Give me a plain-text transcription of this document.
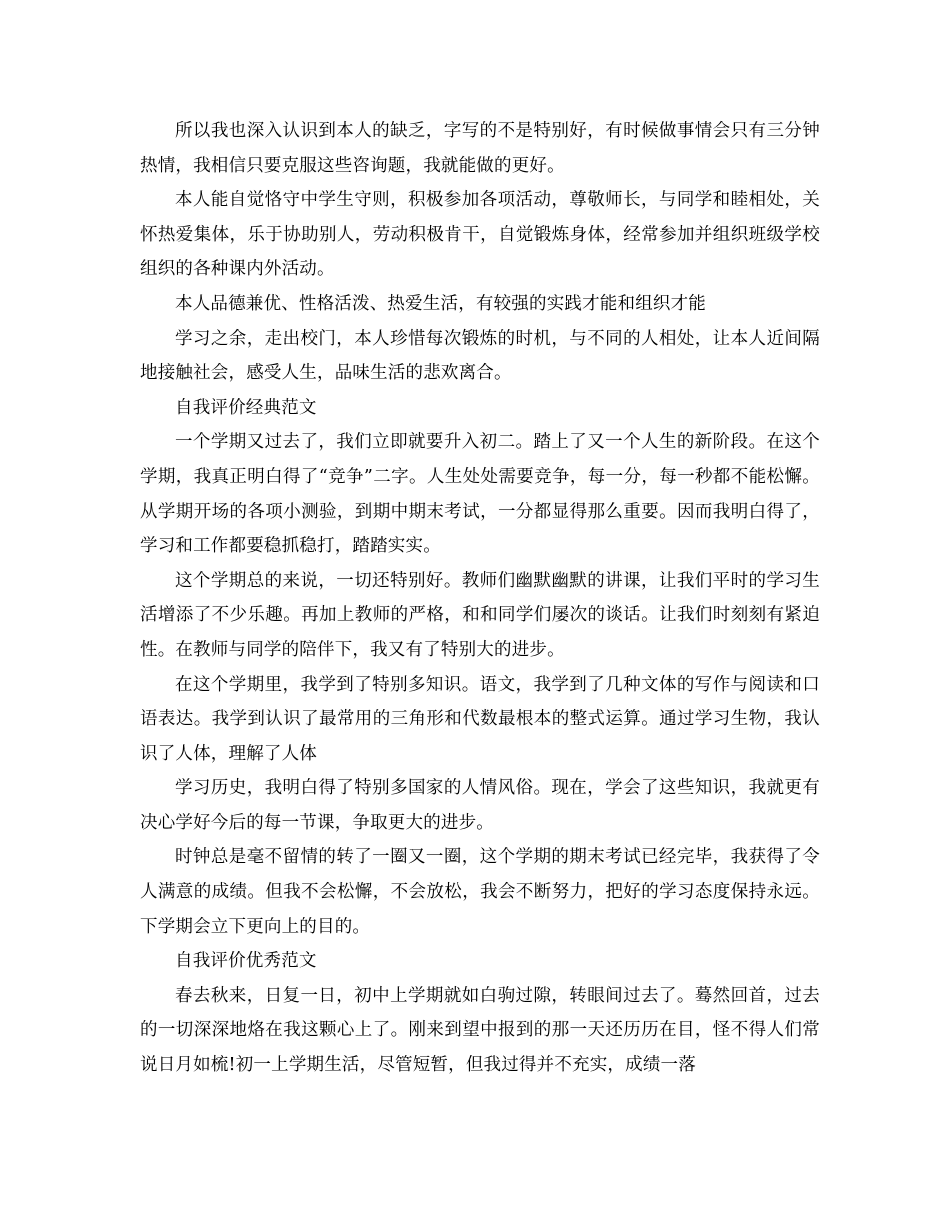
所以我也深入认识到本人的缺乏，字写的不是特别好，有时候做事情会只有三分钟热情，我相信只要克服这些咨询题，我就能做的更好。

本人能自觉恪守中学生守则，积极参加各项活动，尊敬师长，与同学和睦相处，关怀热爱集体，乐于协助别人，劳动积极肯干，自觉锻炼身体，经常参加并组织班级学校组织的各种课内外活动。

本人品德兼优、性格活泼、热爱生活，有较强的实践才能和组织才能

学习之余，走出校门，本人珍惜每次锻炼的时机，与不同的人相处，让本人近间隔地接触社会，感受人生，品味生活的悲欢离合。

自我评价经典范文

一个学期又过去了，我们立即就要升入初二。踏上了又一个人生的新阶段。在这个学期，我真正明白得了“竞争”二字。人生处处需要竞争，每一分，每一秒都不能松懈。从学期开场的各项小测验，到期中期末考试，一分都显得那么重要。因而我明白得了，学习和工作都要稳抓稳打，踏踏实实。

这个学期总的来说，一切还特别好。教师们幽默幽默的讲课，让我们平时的学习生活增添了不少乐趣。再加上教师的严格，和和同学们屡次的谈话。让我们时刻刻有紧迫性。在教师与同学的陪伴下，我又有了特别大的进步。

在这个学期里，我学到了特别多知识。语文，我学到了几种文体的写作与阅读和口语表达。我学到认识了最常用的三角形和代数最根本的整式运算。通过学习生物，我认识了人体，理解了人体

学习历史，我明白得了特别多国家的人情风俗。现在，学会了这些知识，我就更有决心学好今后的每一节课，争取更大的进步。

时钟总是毫不留情的转了一圈又一圈，这个学期的期末考试已经完毕，我获得了令人满意的成绩。但我不会松懈，不会放松，我会不断努力，把好的学习态度保持永远。下学期会立下更向上的目的。

自我评价优秀范文

春去秋来，日复一日，初中上学期就如白驹过隙，转眼间过去了。蓦然回首，过去的一切深深地烙在我这颗心上了。刚来到望中报到的那一天还历历在目，怪不得人们常说日月如梳!初一上学期生活，尽管短暂，但我过得并不充实，成绩一落
